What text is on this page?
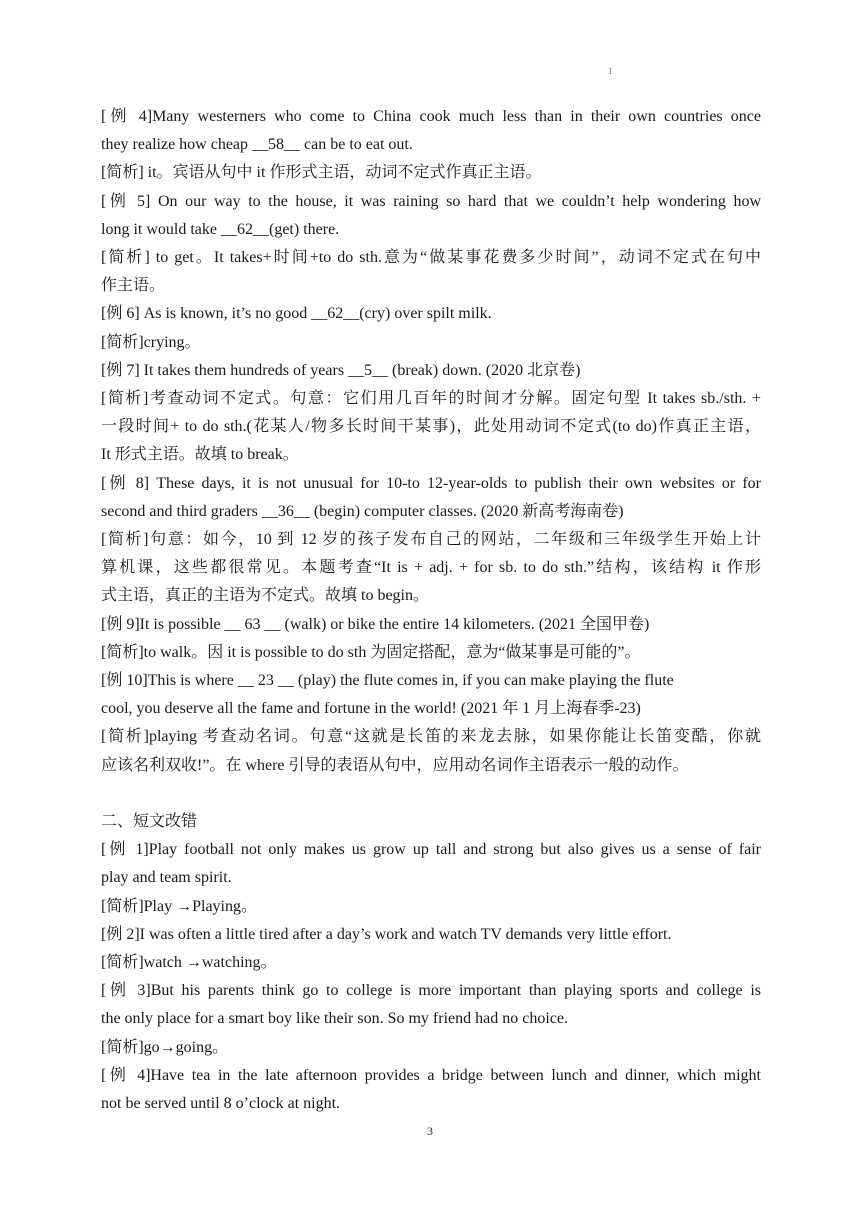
1
[例 4]Many westerners who come to China cook much less than in their own countries once
they realize how cheap __58__ can be to eat out.
[简析] it。宾语从句中 it 作形式主语，动词不定式作真正主语。
[例 5] On our way to the house, it was raining so hard that we couldn’t help wondering how
long it would take __62__(get) there.
[简析] to get。It takes+时间+to do sth.意为“做某事花费多少时间”，动词不定式在句中
作主语。
[例 6] As is known, it’s no good __62__(cry) over spilt milk.
[简析]crying。
[例 7] It takes them hundreds of years __5__ (break) down. (2020 北京卷)
[简析]考查动词不定式。句意：它们用几百年的时间才分解。固定句型 It takes sb./sth. +
一段时间+ to do sth.(花某人/物多长时间干某事)，此处用动词不定式(to do)作真正主语，
It 形式主语。故填 to break。
[例 8] These days, it is not unusual for 10-to 12-year-olds to publish their own websites or for
second and third graders __36__ (begin) computer classes. (2020 新高考海南卷)
[简析]句意：如今，10 到 12 岁的孩子发布自己的网站，二年级和三年级学生开始上计
算机课，这些都很常见。本题考查“It is + adj. + for sb. to do sth.”结构，该结构 it 作形
式主语，真正的主语为不定式。故填 to begin。
[例 9]It is possible __ 63 __ (walk) or bike the entire 14 kilometers. (2021 全国甲卷)
[简析]to walk。因 it is possible to do sth 为固定搭配，意为“做某事是可能的”。
[例 10]This is where __ 23 __ (play) the flute comes in, if you can make playing the flute
cool, you deserve all the fame and fortune in the world! (2021 年 1 月上海春季-23)
[简析]playing 考查动名词。句意“这就是长笛的来龙去脉，如果你能让长笛变酷，你就
应该名利双收!”。在 where 引导的表语从句中，应用动名词作主语表示一般的动作。
二、短文改错
[例 1]Play football not only makes us grow up tall and strong but also gives us a sense of fair
play and team spirit.
[简析]Play →Playing。
[例 2]I was often a little tired after a day’s work and watch TV demands very little effort.
[简析]watch →watching。
[例 3]But his parents think go to college is more important than playing sports and college is
the only place for a smart boy like their son. So my friend had no choice.
[简析]go→going。
[例 4]Have tea in the late afternoon provides a bridge between lunch and dinner, which might
not be served until 8 o’clock at night.
3
